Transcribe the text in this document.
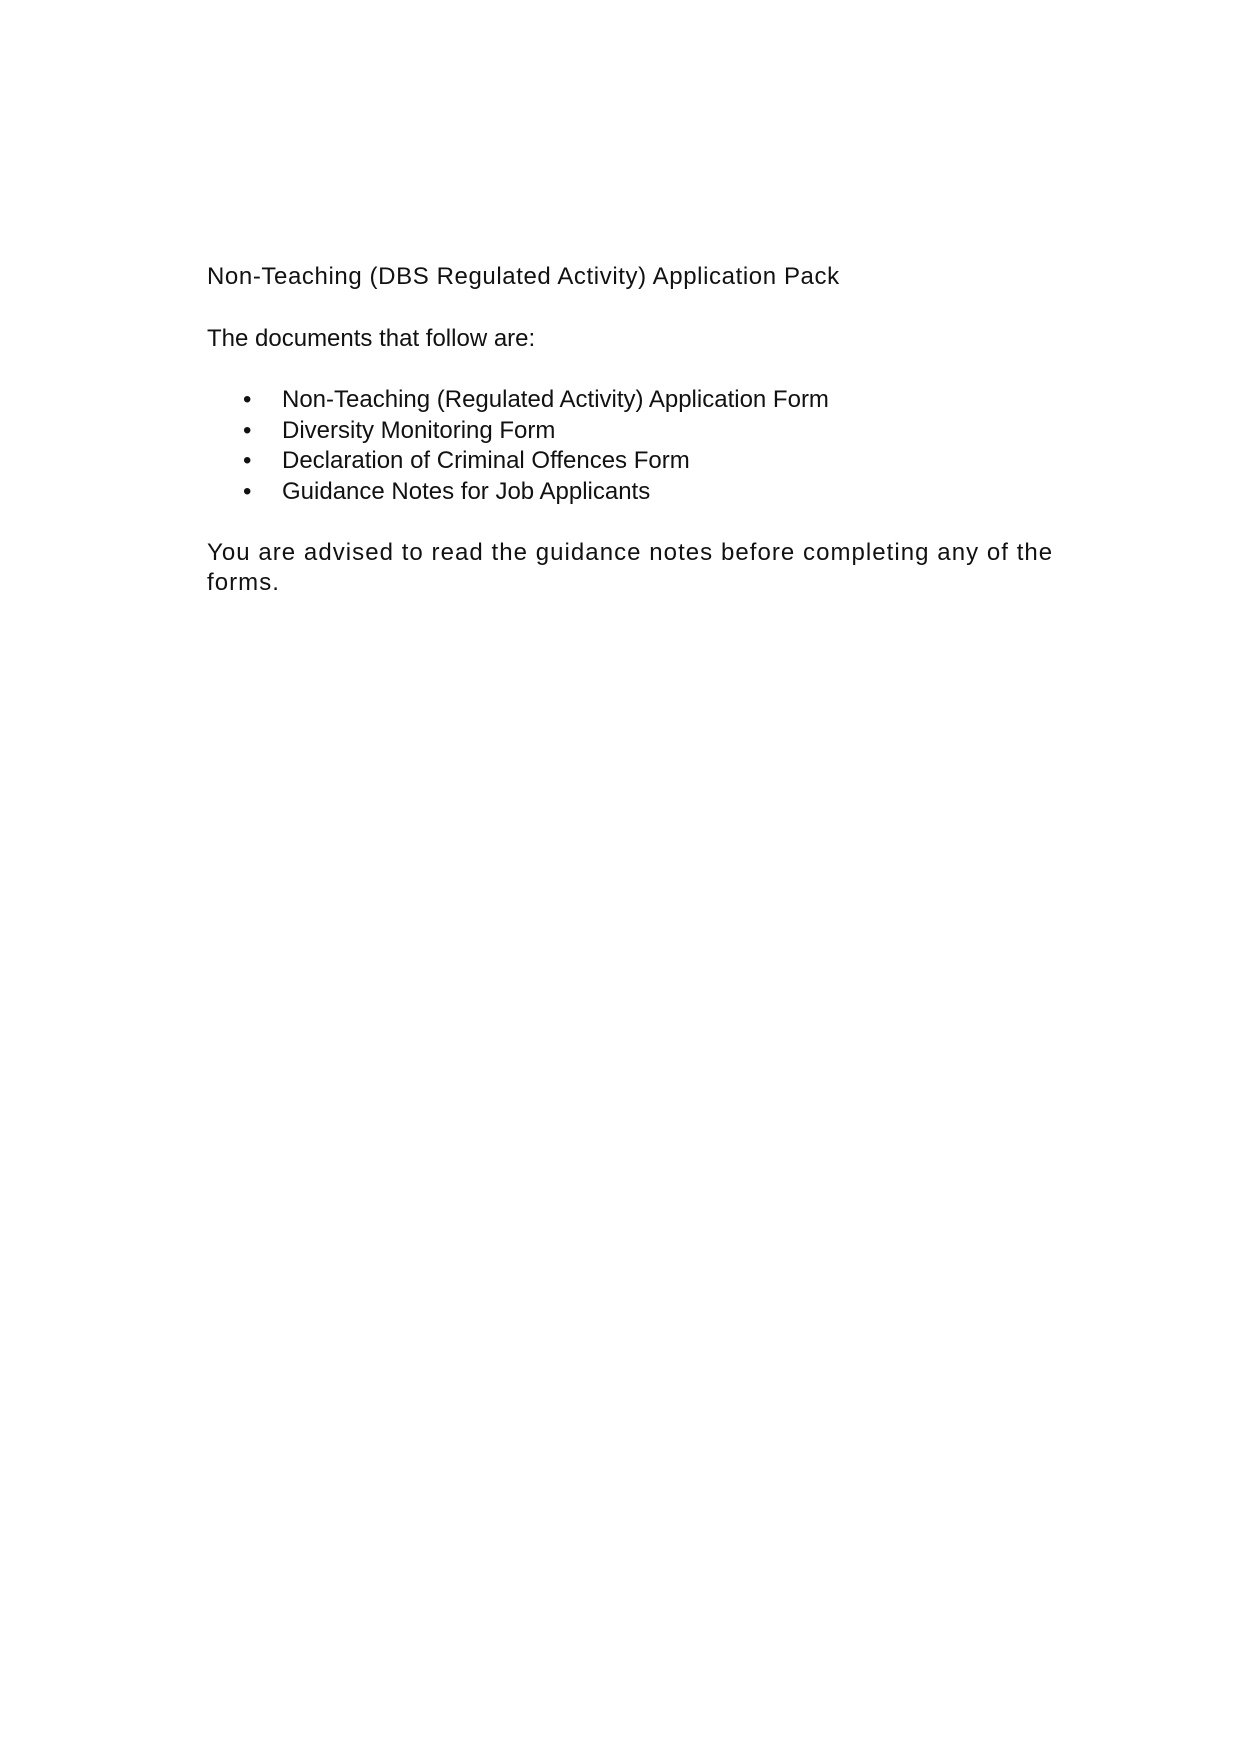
Non-Teaching (DBS Regulated Activity) Application Pack

The documents that follow are:

• Non-Teaching (Regulated Activity) Application Form
• Diversity Monitoring Form
• Declaration of Criminal Offences Form
• Guidance Notes for Job Applicants

You are advised to read the guidance notes before completing any of the forms.
